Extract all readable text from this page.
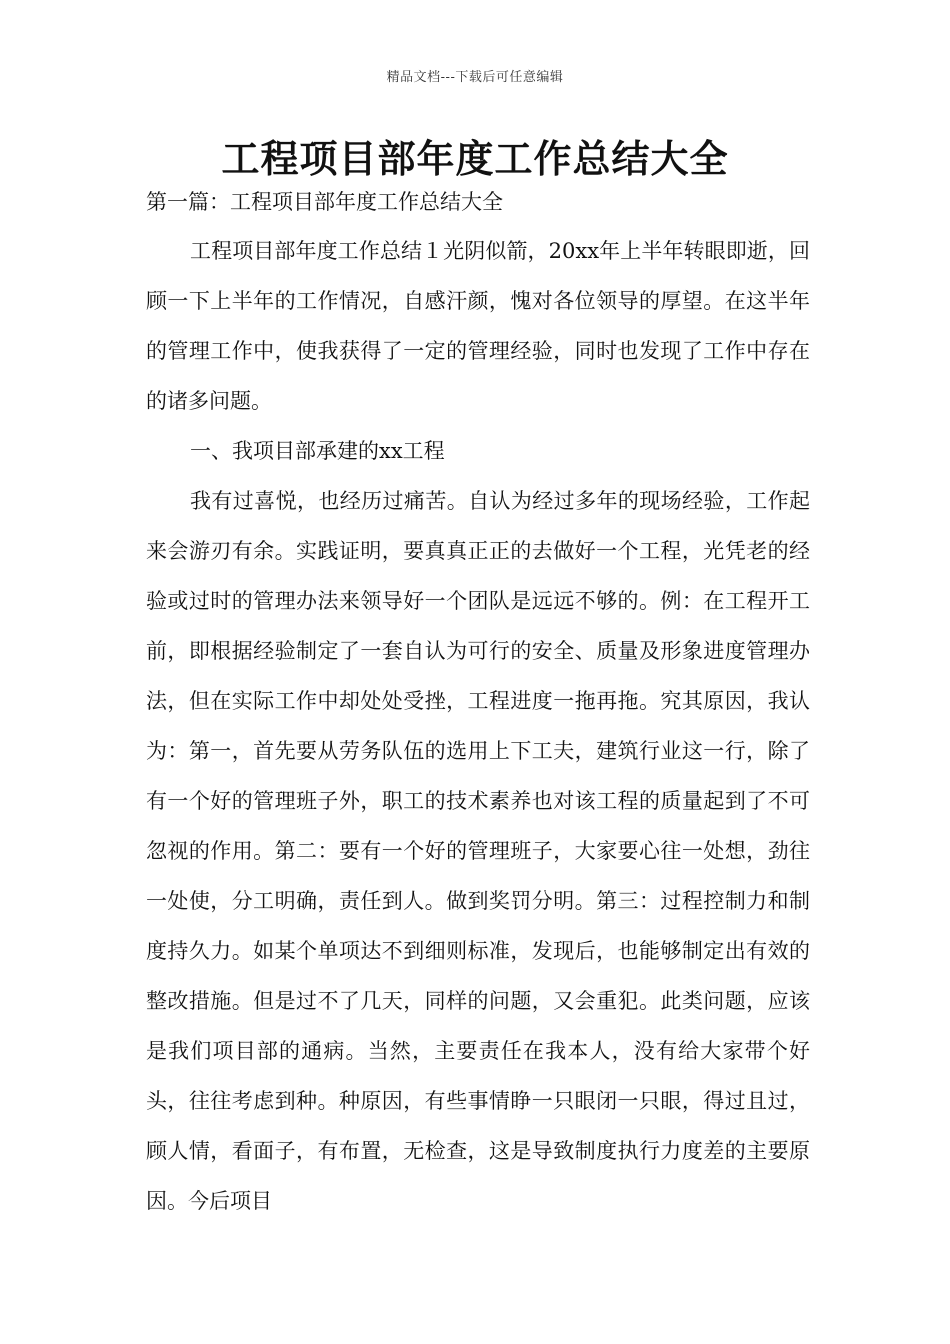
精品文档---下载后可任意编辑
工程项目部年度工作总结大全
第一篇：工程项目部年度工作总结大全

工程项目部年度工作总结１光阴似箭，20xx年上半年转眼即逝，回顾一下上半年的工作情况，自感汗颜，愧对各位领导的厚望。在这半年的管理工作中，使我获得了一定的管理经验，同时也发现了工作中存在的诸多问题。

一、我项目部承建的xx工程

我有过喜悦，也经历过痛苦。自认为经过多年的现场经验，工作起来会游刃有余。实践证明，要真真正正的去做好一个工程，光凭老的经验或过时的管理办法来领导好一个团队是远远不够的。例：在工程开工前，即根据经验制定了一套自认为可行的安全、质量及形象进度管理办法，但在实际工作中却处处受挫，工程进度一拖再拖。究其原因，我认为：第一，首先要从劳务队伍的选用上下工夫，建筑行业这一行，除了有一个好的管理班子外，职工的技术素养也对该工程的质量起到了不可忽视的作用。第二：要有一个好的管理班子，大家要心往一处想，劲往一处使，分工明确，责任到人。做到奖罚分明。第三：过程控制力和制度持久力。如某个单项达不到细则标准，发现后，也能够制定出有效的整改措施。但是过不了几天，同样的问题，又会重犯。此类问题，应该是我们项目部的通病。当然，主要责任在我本人，没有给大家带个好头，往往考虑到种。种原因，有些事情睁一只眼闭一只眼，得过且过，顾人情，看面子，有布置，无检查，这是导致制度执行力度差的主要原因。今后项目
